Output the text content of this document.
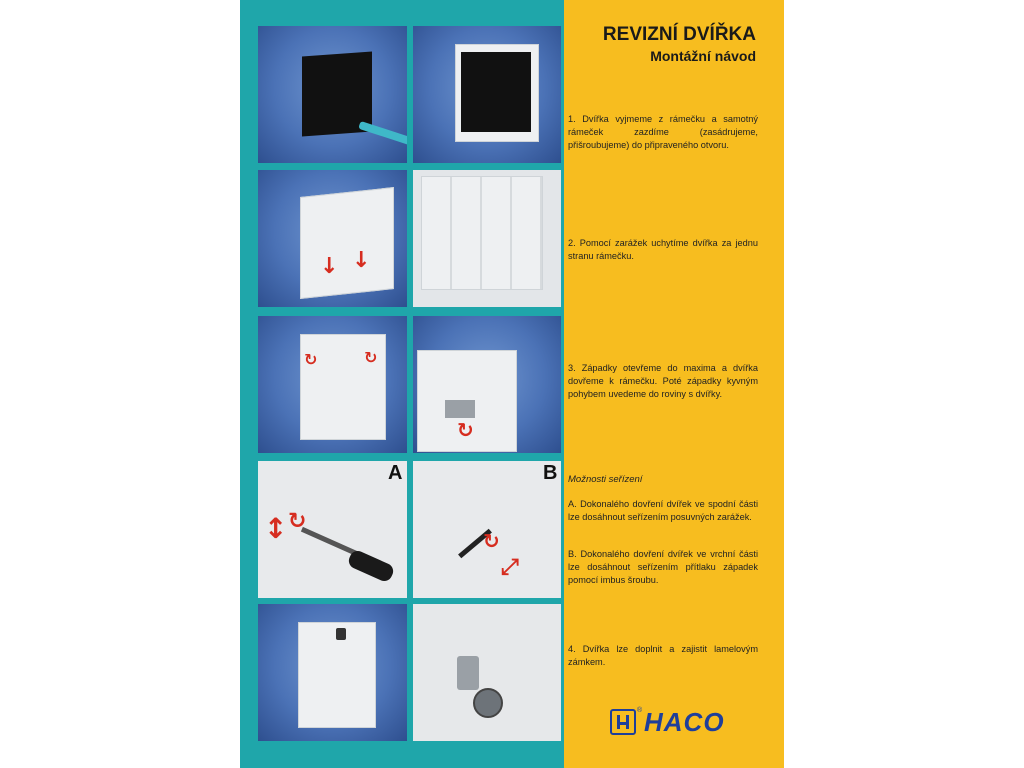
↓ ↓
↻	↻
↻
↕ ↻
A
↻
⤢
B
REVIZNÍ DVÍŘKA
Montážní návod
1. Dvířka vyjmeme z rámečku a samotný rámeček zazdíme (zasádrujeme, přišroubujeme) do připraveného otvoru.
2. Pomocí zarážek uchytíme dvířka za jednu stranu rámečku.
3. Západky otevřeme do maxima a dvířka dovřeme k rámečku. Poté západky kyvným pohybem uvedeme do roviny s dvířky.
Možnosti seřízení
A. Dokonalého dovření dvířek ve spodní části lze dosáhnout seřízením posuvných zarážek.
B. Dokonalého dovření dvířek ve vrchní části lze dosáhnout seřízením přítlaku západek pomocí imbus šroubu.
4. Dvířka lze doplnit a zajistit lamelovým zámkem.
® HACO
